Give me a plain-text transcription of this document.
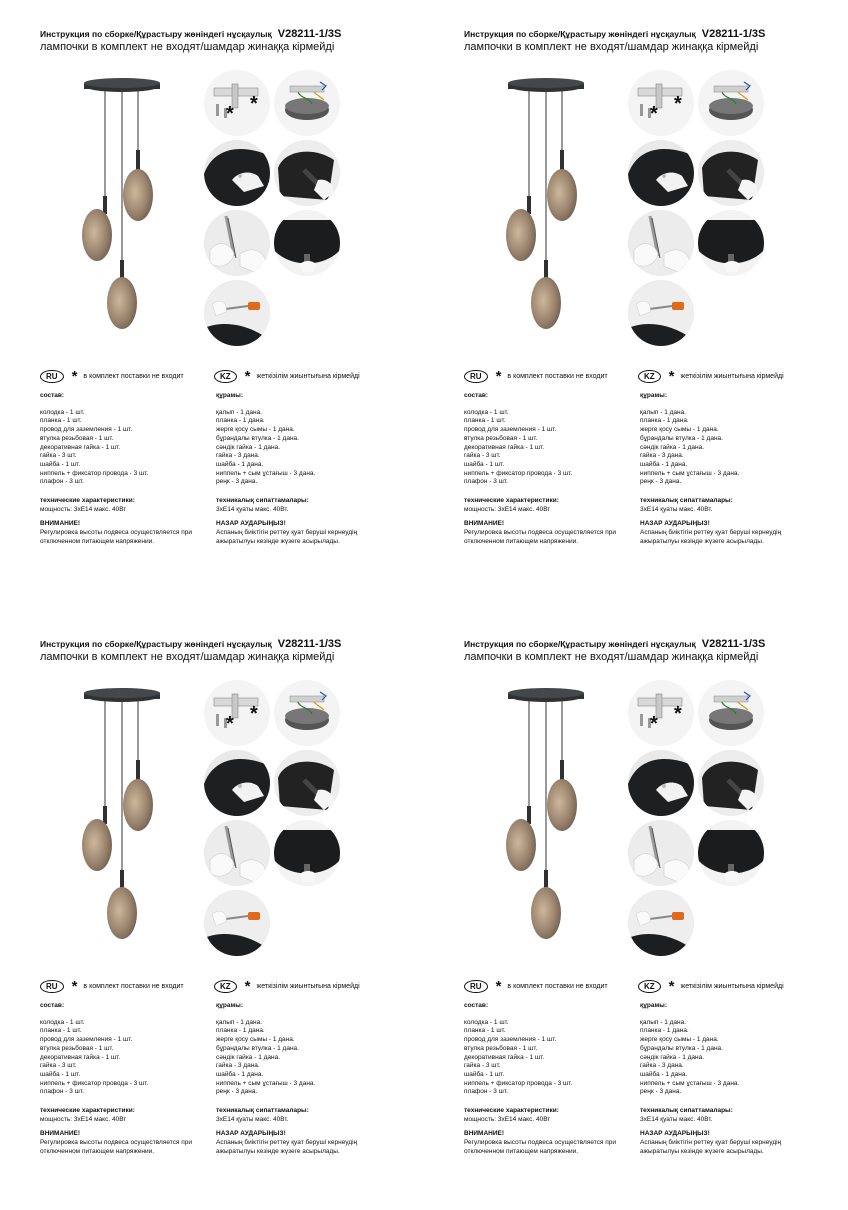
Инструкция по сборке/Құрастыру жөніндегі нұсқаулық V28211-1/3S
лампочки в комплект не входят/шамдар жинаққа кірмейді
* *
RU * в комплект поставки не входит	KZ * жеткізілім жиынтығына кірмейді
состав:
колодка - 1 шт.
планка - 1 шт.
провод для заземления - 1 шт.
втулка резьбовая - 1 шт.
декоративная гайка - 1 шт.
гайка - 3 шт.
шайба - 1 шт.
ниппель + фиксатор провода - 3 шт.
плафон - 3 шт.
технические характеристики:
мощность: 3xE14 макс. 40Вт
ВНИМАНИЕ!
Регулировка высоты подвеса осуществляется при отключенном питающем напряжении.
құрамы:
қалып - 1 дана.
планка - 1 дана.
жерге қосу сымы - 1 дана.
бұрандалы втулка - 1 дана.
сәндік гайка - 1 дана.
гайка - 3 дана.
шайба - 1 дана.
ниппель + сым ұстағыш - 3 дана.
реңк - 3 дана.
техникалық сипаттамалары:
3xE14 қуаты макс. 40Вт.
НАЗАР АУДАРЫҢЫЗ!
Аспаның биіктігін реттеу қуат беруші кернеудің ажыратылуы кезінде жүзеге асырылады.
Инструкция по сборке/Құрастыру жөніндегі нұсқаулық V28211-1/3S
лампочки в комплект не входят/шамдар жинаққа кірмейді
* *
RU * в комплект поставки не входит	KZ * жеткізілім жиынтығына кірмейді
состав:
колодка - 1 шт.
планка - 1 шт.
провод для заземления - 1 шт.
втулка резьбовая - 1 шт.
декоративная гайка - 1 шт.
гайка - 3 шт.
шайба - 1 шт.
ниппель + фиксатор провода - 3 шт.
плафон - 3 шт.
технические характеристики:
мощность: 3xE14 макс. 40Вт
ВНИМАНИЕ!
Регулировка высоты подвеса осуществляется при отключенном питающем напряжении.
құрамы:
қалып - 1 дана.
планка - 1 дана.
жерге қосу сымы - 1 дана.
бұрандалы втулка - 1 дана.
сәндік гайка - 1 дана.
гайка - 3 дана.
шайба - 1 дана.
ниппель + сым ұстағыш - 3 дана.
реңк - 3 дана.
техникалық сипаттамалары:
3xE14 қуаты макс. 40Вт.
НАЗАР АУДАРЫҢЫЗ!
Аспаның биіктігін реттеу қуат беруші кернеудің ажыратылуы кезінде жүзеге асырылады.
Инструкция по сборке/Құрастыру жөніндегі нұсқаулық V28211-1/3S
лампочки в комплект не входят/шамдар жинаққа кірмейді
* *
RU * в комплект поставки не входит	KZ * жеткізілім жиынтығына кірмейді
состав:
колодка - 1 шт.
планка - 1 шт.
провод для заземления - 1 шт.
втулка резьбовая - 1 шт.
декоративная гайка - 1 шт.
гайка - 3 шт.
шайба - 1 шт.
ниппель + фиксатор провода - 3 шт.
плафон - 3 шт.
технические характеристики:
мощность: 3xE14 макс. 40Вт
ВНИМАНИЕ!
Регулировка высоты подвеса осуществляется при отключенном питающем напряжении.
құрамы:
қалып - 1 дана.
планка - 1 дана.
жерге қосу сымы - 1 дана.
бұрандалы втулка - 1 дана.
сәндік гайка - 1 дана.
гайка - 3 дана.
шайба - 1 дана.
ниппель + сым ұстағыш - 3 дана.
реңк - 3 дана.
техникалық сипаттамалары:
3xE14 қуаты макс. 40Вт.
НАЗАР АУДАРЫҢЫЗ!
Аспаның биіктігін реттеу қуат беруші кернеудің ажыратылуы кезінде жүзеге асырылады.
Инструкция по сборке/Құрастыру жөніндегі нұсқаулық V28211-1/3S
лампочки в комплект не входят/шамдар жинаққа кірмейді
* *
RU * в комплект поставки не входит	KZ * жеткізілім жиынтығына кірмейді
состав:
колодка - 1 шт.
планка - 1 шт.
провод для заземления - 1 шт.
втулка резьбовая - 1 шт.
декоративная гайка - 1 шт.
гайка - 3 шт.
шайба - 1 шт.
ниппель + фиксатор провода - 3 шт.
плафон - 3 шт.
технические характеристики:
мощность: 3xE14 макс. 40Вт
ВНИМАНИЕ!
Регулировка высоты подвеса осуществляется при отключенном питающем напряжении.
құрамы:
қалып - 1 дана.
планка - 1 дана.
жерге қосу сымы - 1 дана.
бұрандалы втулка - 1 дана.
сәндік гайка - 1 дана.
гайка - 3 дана.
шайба - 1 дана.
ниппель + сым ұстағыш - 3 дана.
реңк - 3 дана.
техникалық сипаттамалары:
3xE14 қуаты макс. 40Вт.
НАЗАР АУДАРЫҢЫЗ!
Аспаның биіктігін реттеу қуат беруші кернеудің ажыратылуы кезінде жүзеге асырылады.
